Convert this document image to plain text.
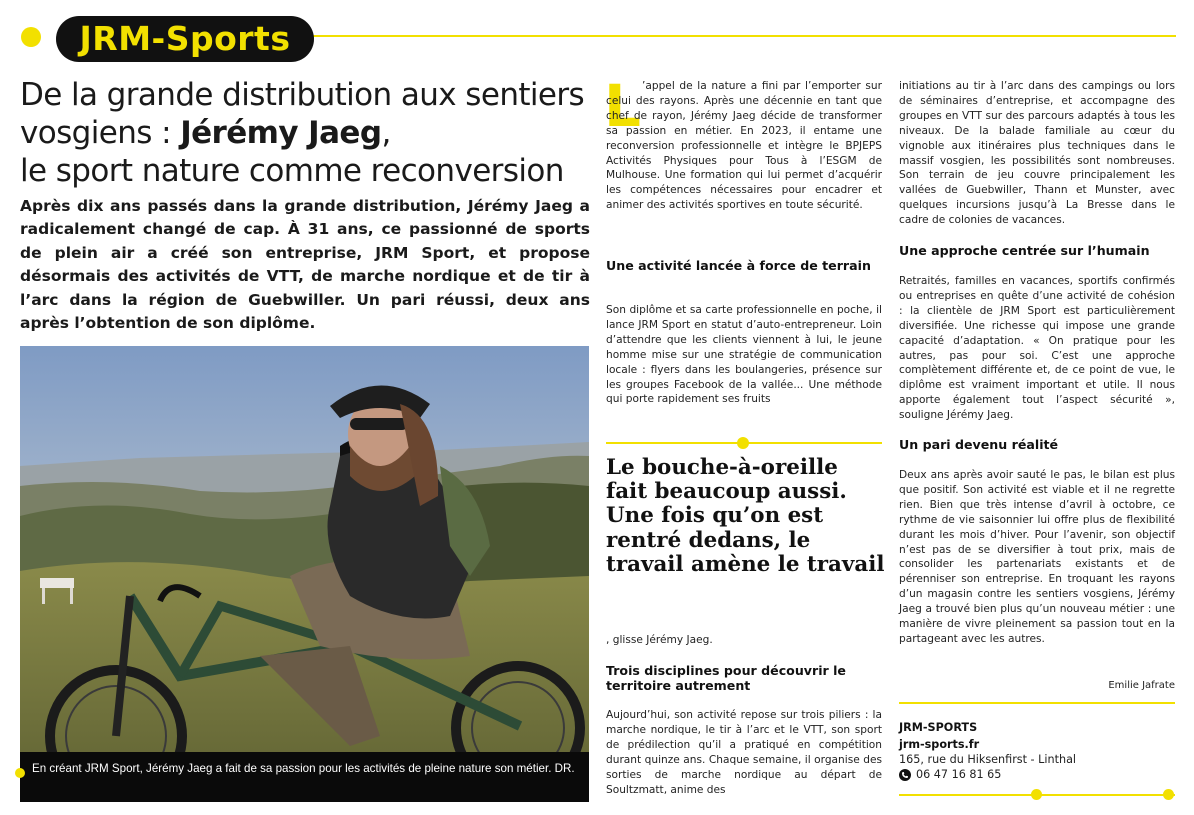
JRM-Sports
De la grande distribution aux sentiers vosgiens : Jérémy Jaeg,
le sport nature comme reconversion
Après dix ans passés dans la grande distribution, Jérémy Jaeg a radicalement changé de cap. À 31 ans, ce passionné de sports de plein air a créé son entreprise, JRM Sport, et propose désormais des activités de VTT, de marche nordique et de tir à l’arc dans la région de Guebwiller. Un pari réussi, deux ans après l’obtention de son diplôme.
En créant JRM Sport, Jérémy Jaeg a fait de sa passion pour les activités de pleine nature son métier. DR.
L ’appel de la nature a fini par l’emporter sur celui des rayons. Après une décennie en tant que chef de rayon, Jérémy Jaeg décide de transformer sa passion en métier. En 2023, il entame une reconversion professionnelle et intègre le BPJEPS Activités Physiques pour Tous à l’ESGM de Mulhouse. Une formation qui lui permet d’acquérir les compétences nécessaires pour encadrer et animer des activités sportives en toute sécurité.

Une activité lancée à force de terrain
Son diplôme et sa carte professionnelle en poche, il lance JRM Sport en statut d’auto-entrepreneur. Loin d’attendre que les clients viennent à lui, le jeune homme mise sur une stratégie de communication locale : flyers dans les boulangeries, présence sur les groupes Facebook de la vallée... Une méthode qui porte rapidement ses fruits
Le bouche-à-oreille fait beaucoup aussi. Une fois qu’on est rentré dedans, le travail amène le travail
, glisse Jérémy Jaeg.
Trois disciplines pour découvrir le territoire autrement
Aujourd’hui, son activité repose sur trois piliers : la marche nordique, le tir à l’arc et le VTT, son sport de prédilection qu’il a pratiqué en compétition durant quinze ans. Chaque semaine, il organise des sorties de marche nordique au départ de Soultzmatt, anime des
initiations au tir à l’arc dans des campings ou lors de séminaires d’entreprise, et accompagne des groupes en VTT sur des parcours adaptés à tous les niveaux. De la balade familiale au cœur du vignoble aux itinéraires plus techniques dans le massif vosgien, les possibilités sont nombreuses. Son terrain de jeu couvre principalement les vallées de Guebwiller, Thann et Munster, avec quelques incursions jusqu’à La Bresse dans le cadre de colonies de vacances.
Une approche centrée sur l’humain
Retraités, familles en vacances, sportifs confirmés ou entreprises en quête d’une activité de cohésion : la clientèle de JRM Sport est particulièrement diversifiée. Une richesse qui impose une grande capacité d’adaptation. « On pratique pour les autres, pas pour soi. C’est une approche complètement différente et, de ce point de vue, le diplôme est vraiment important et utile. Il nous apporte également tout l’aspect sécurité », souligne Jérémy Jaeg.
Un pari devenu réalité
Deux ans après avoir sauté le pas, le bilan est plus que positif. Son activité est viable et il ne regrette rien. Bien que très intense d’avril à octobre, ce rythme de vie saisonnier lui offre plus de flexibilité durant les mois d’hiver. Pour l’avenir, son objectif n’est pas de se diversifier à tout prix, mais de consolider les partenariats existants et de pérenniser son entreprise. En troquant les rayons d’un magasin contre les sentiers vosgiens, Jérémy Jaeg a trouvé bien plus qu’un nouveau métier : une manière de vivre pleinement sa passion tout en la partageant avec les autres.
Emilie Jafrate
JRM-SPORTS
jrm-sports.fr
165, rue du Hiksenfirst - Linthal
06 47 16 81 65
